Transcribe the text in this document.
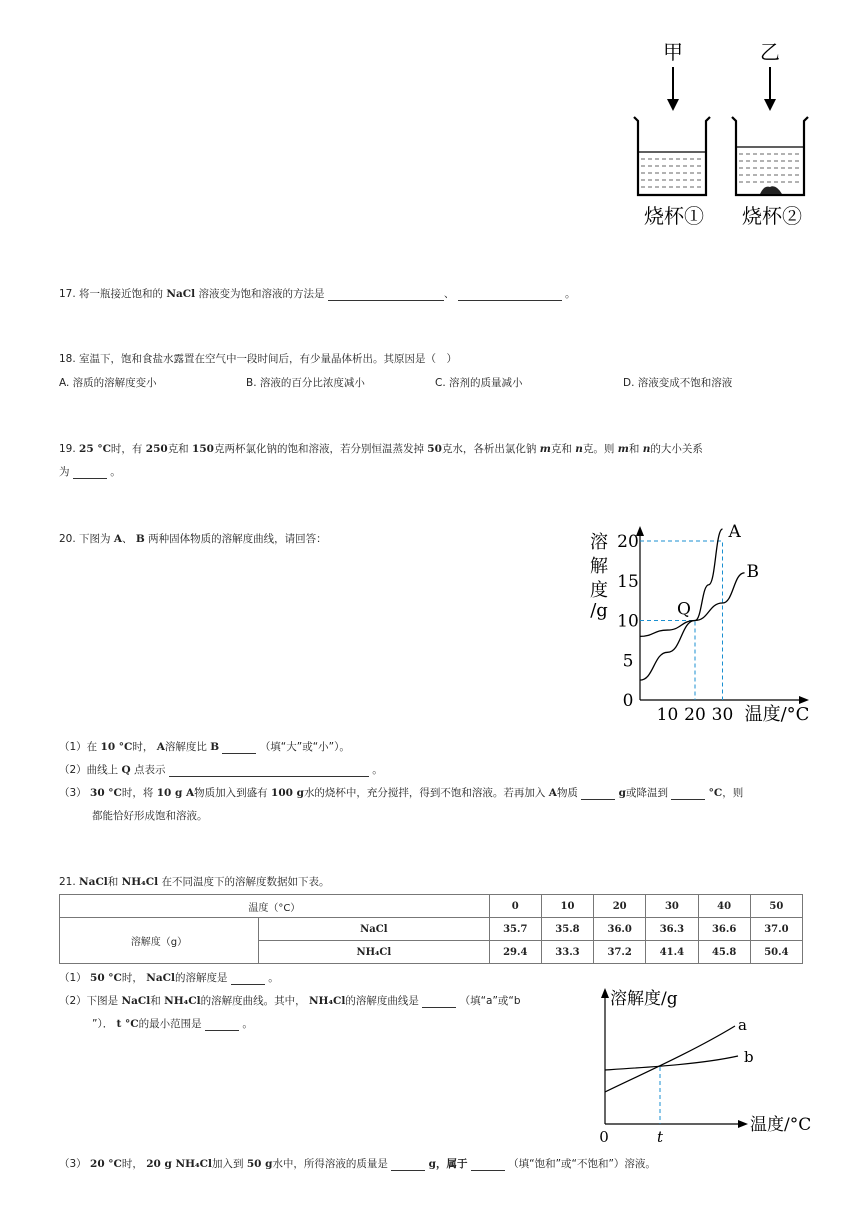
甲	乙
烧杯① 烧杯②
17. 将一瓶接近饱和的 NaCl 溶液变为饱和溶液的方法是	、	。
18. 室温下，饱和食盐水露置在空气中一段时间后，有少量晶体析出。其原因是（　）
A. 溶质的溶解度变小	B. 溶液的百分比浓度减小	C. 溶剂的质量减小	D. 溶液变成不饱和溶液
19. 25 °C时，有 250克和 150克两杯氯化钠的饱和溶液，若分别恒温蒸发掉 50克水，各析出氯化钠 m克和 n克。则 m和 n的大小关系
为	。
20. 下图为 A、 B 两种固体物质的溶解度曲线，请回答：	溶
解
度
/g
温度/°C
0
5
10
15
20
10 20 30
A
B
Q
（1）在 10 °C时， A溶解度比 B	（填“大”或“小”）。
（2）曲线上 Q 点表示	。
（3） 30 °C时，将 10 g A物质加入到盛有 100 g水的烧杯中，充分搅拌，得到不饱和溶液。若再加入 A物质	g或降温到	°C，则
都能恰好形成饱和溶液。
21. NaCl和 NH₄Cl 在不同温度下的溶解度数据如下表。
温度（°C）		0	10	20	30	40	50
溶解度（g）	NaCl	35.7	35.8	36.0	36.3	36.6	37.0
	NH₄Cl	29.4	33.3	37.2	41.4	45.8	50.4
（1） 50 °C时， NaCl的溶解度是	。
（2）下图是 NaCl和 NH₄Cl的溶解度曲线。其中， NH₄Cl的溶解度曲线是	（填“a”或“b
”）． t °C的最小范围是	。
溶解度/g
温度/°C
0	t
a
b
（3） 20 °C时， 20 g NH₄Cl加入到 50 g水中，所得溶液的质量是	g，属于	（填“饱和”或“不饱和”）溶液。
